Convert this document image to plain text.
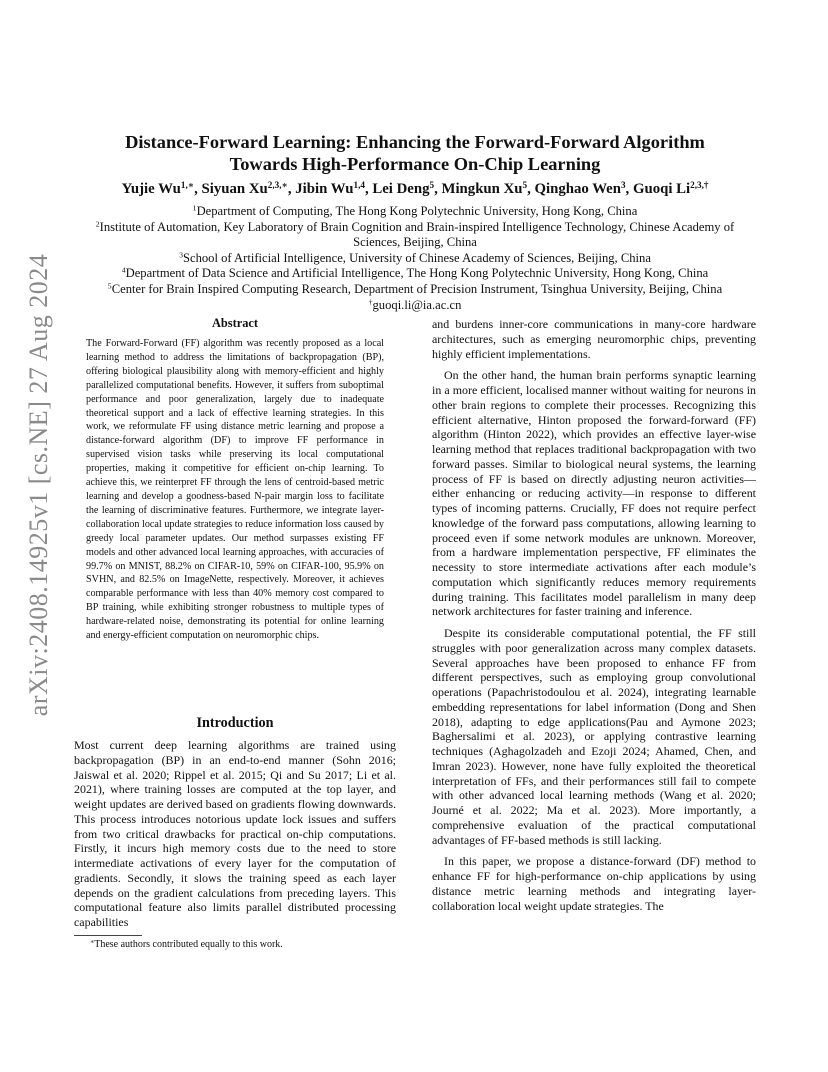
arXiv:2408.14925v1 [cs.NE] 27 Aug 2024
Distance-Forward Learning: Enhancing the Forward-Forward Algorithm
Towards High-Performance On-Chip Learning
Yujie $Wu^{1,∗}$, Siyuan $Xu^{2,3,∗}$, Jibin Wu$^{1,4}$, Lei Deng$^5$, Mingkun Xu$^5$, Qinghao Wen$^3$, Guoqi $Li^{2,3,\dagger}$
$^1$Department of Computing, The Hong Kong Polytechnic University, Hong Kong, China
$^2$Institute of Automation, Key Laboratory of Brain Cognition and Brain-inspired Intelligence Technology, Chinese Academy of Sciences, Beijing, China
$^3$School of Artificial Intelligence, University of Chinese Academy of Sciences, Beijing, China
$^4$Department of Data Science and Artificial Intelligence, The Hong Kong Polytechnic University, Hong Kong, China
$^5$Center for Brain Inspired Computing Research, Department of Precision Instrument, Tsinghua University, Beijing, China
†guoqi.li@ia.ac.cn
Abstract
The Forward-Forward (FF) algorithm was recently proposed as a local learning method to address the limitations of backpropagation (BP), offering biological plausibility along with memory-efficient and highly parallelized computational benefits. However, it suffers from suboptimal performance and poor generalization, largely due to inadequate theoretical support and a lack of effective learning strategies. In this work, we reformulate FF using distance metric learning and propose a distance-forward algorithm (DF) to improve FF performance in supervised vision tasks while preserving its local computational properties, making it competitive for efficient on-chip learning. To achieve this, we reinterpret FF through the lens of centroid-based metric learning and develop a goodness-based N-pair margin loss to facilitate the learning of discriminative features. Furthermore, we integrate layer-collaboration local update strategies to reduce information loss caused by greedy local parameter updates. Our method surpasses existing FF models and other advanced local learning approaches, with accuracies of 99.7% on MNIST, 88.2% on CIFAR-10, 59% on CIFAR-100, 95.9% on SVHN, and 82.5% on ImageNette, respectively. Moreover, it achieves comparable performance with less than 40% memory cost compared to BP training, while exhibiting stronger robustness to multiple types of hardware-related noise, demonstrating its potential for online learning and energy-efficient computation on neuromorphic chips.
Introduction
Most current deep learning algorithms are trained using backpropagation (BP) in an end-to-end manner (Sohn 2016; Jaiswal et al. 2020; Rippel et al. 2015; Qi and Su 2017; Li et al. 2021), where training losses are computed at the top layer, and weight updates are derived based on gradients flowing downwards. This process introduces notorious update lock issues and suffers from two critical drawbacks for practical on-chip computations. Firstly, it incurs high memory costs due to the need to store intermediate activations of every layer for the computation of gradients. Secondly, it slows the training speed as each layer depends on the gradient calculations from preceding layers. This computational feature also limits parallel distributed processing capabilities
∗These authors contributed equally to this work.

and burdens inner-core communications in many-core hardware architectures, such as emerging neuromorphic chips, preventing highly efficient implementations.

On the other hand, the human brain performs synaptic learning in a more efficient, localised manner without waiting for neurons in other brain regions to complete their processes. Recognizing this efficient alternative, Hinton proposed the forward-forward (FF) algorithm (Hinton 2022), which provides an effective layer-wise learning method that replaces traditional backpropagation with two forward passes. Similar to biological neural systems, the learning process of FF is based on directly adjusting neuron activities—either enhancing or reducing activity—in response to different types of incoming patterns. Crucially, FF does not require perfect knowledge of the forward pass computations, allowing learning to proceed even if some network modules are unknown. Moreover, from a hardware implementation perspective, FF eliminates the necessity to store intermediate activations after each module’s computation which significantly reduces memory requirements during training. This facilitates model parallelism in many deep network architectures for faster training and inference.

Despite its considerable computational potential, the FF still struggles with poor generalization across many complex datasets. Several approaches have been proposed to enhance FF from different perspectives, such as employing group convolutional operations (Papachristodoulou et al. 2024), integrating learnable embedding representations for label information (Dong and Shen 2018), adapting to edge applications(Pau and Aymone 2023; Baghersalimi et al. 2023), or applying contrastive learning techniques (Aghagolzadeh and Ezoji 2024; Ahamed, Chen, and Imran 2023). However, none have fully exploited the theoretical interpretation of FFs, and their performances still fail to compete with other advanced local learning methods (Wang et al. 2020; Journé et al. 2022; Ma et al. 2023). More importantly, a comprehensive evaluation of the practical computational advantages of FF-based methods is still lacking.

In this paper, we propose a distance-forward (DF) method to enhance FF for high-performance on-chip applications by using distance metric learning methods and integrating layer-collaboration local weight update strategies. The
